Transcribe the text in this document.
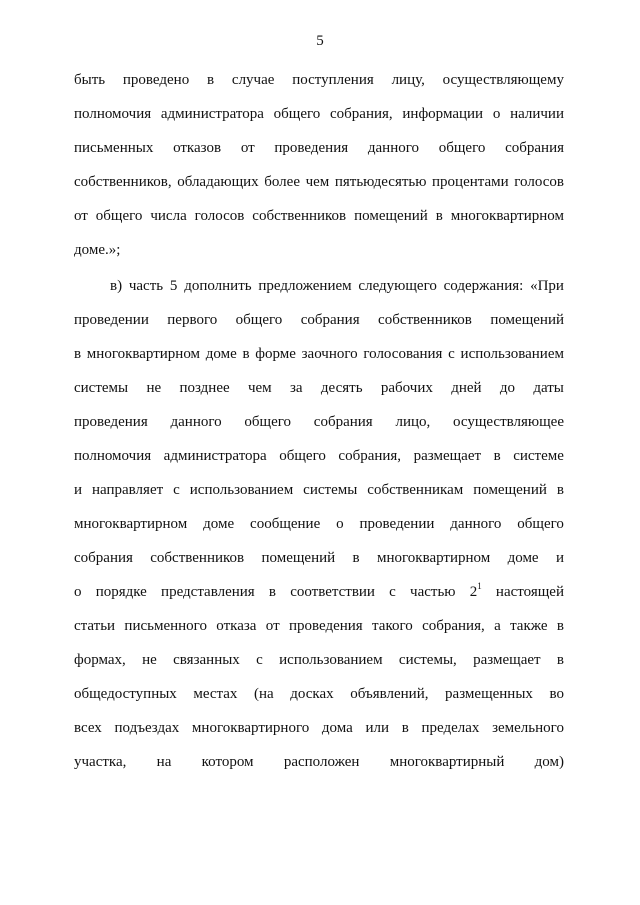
5
быть проведено в случае поступления лицу, осуществляющему
полномочия администратора общего собрания, информации о наличии
письменных отказов от проведения данного общего собрания
собственников, обладающих более чем пятьюдесятью процентами голосов
от общего числа голосов собственников помещений в многоквартирном
доме.»;
в) часть 5 дополнить предложением следующего содержания: «При
проведении первого общего собрания собственников помещений
в многоквартирном доме в форме заочного голосования с использованием
системы не позднее чем за десять рабочих дней до даты
проведения данного общего собрания лицо, осуществляющее
полномочия администратора общего собрания, размещает в системе
и направляет с использованием системы собственникам помещений в
многоквартирном доме сообщение о проведении данного общего
собрания собственников помещений в многоквартирном доме и
о порядке представления в соответствии с частью $2^1$ настоящей
статьи письменного отказа от проведения такого собрания, а также в
формах, не связанных с использованием системы, размещает в
общедоступных местах (на досках объявлений, размещенных во
всех подъездах многоквартирного дома или в пределах земельного
участка, на котором расположен многоквартирный дом)
